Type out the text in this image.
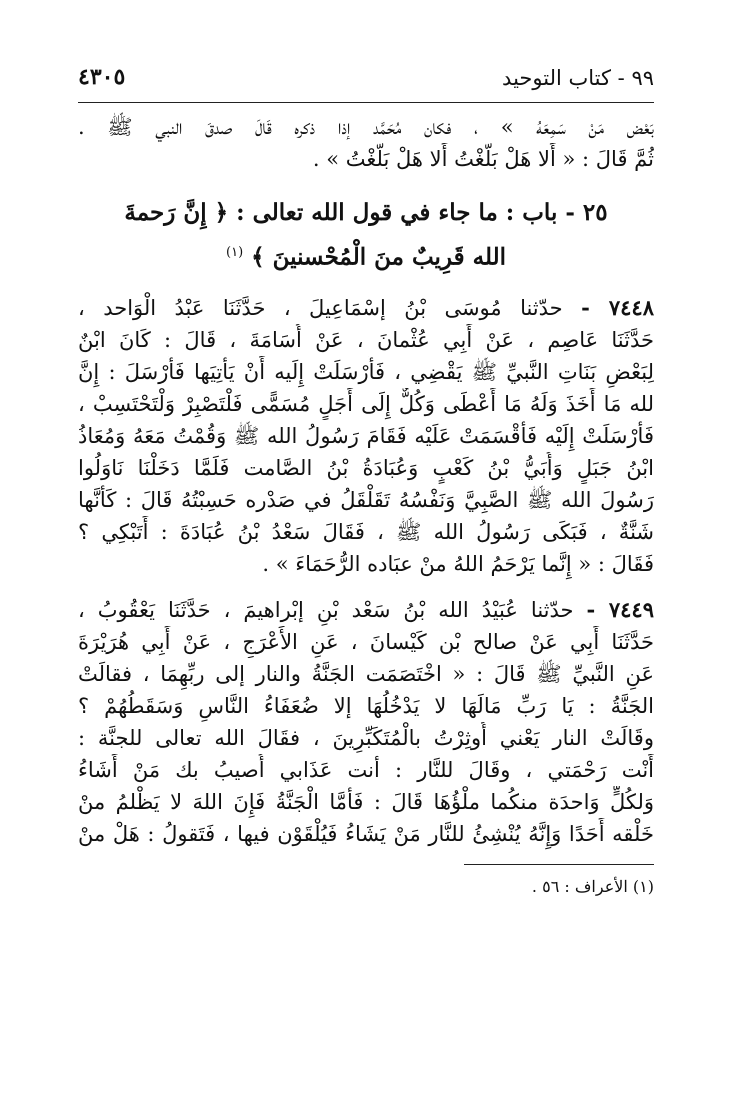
٩٩ - كتاب التوحيد
٤٣٠٥
بَعْض مَنْ سَمِعَهُ » ، فكان مُحَمَّد إذا ذكره قَالَ صدقَ النبي ﷺ .
ثُمَّ قَالَ : « أَلا هَلْ بَلَّغْتُ أَلا هَلْ بَلَّغْتُ » .
٢٥ - باب : ما جاء في قول الله تعالى : ﴿ إِنَّ رَحمةَ
الله قَرِيبٌ منَ الْمُحْسنينَ ﴾ $^{(١)}$
٧٤٤٨ - حدّثنا مُوسَى بْنُ إسْمَاعِيلَ ، حَدَّثَنَا عَبْدُ الْوَاحد ،
حَدَّثَنَا عَاصِم ، عَنْ أَبِي عُثْمانَ ، عَنْ أُسَامَةَ ، قَالَ : كَانَ ابْنٌ
لِبَعْضِ بَنَاتِ النَّبيِّ ﷺ يَقْضِي ، فَأَرْسَلَتْ إِلَيه أَنْ يَأْتِيَها فَأَرْسَلَ : إِنَّ
لله مَا أَخَذَ وَلَهُ مَا أَعْطَى وَكُلٌّ إِلَى أَجَلٍ مُسَمًّى فَلْتَصْبِرْ وَلْتَحْتَسِبْ ،
فَأَرْسَلَتْ إِلَيْه فَأَقْسَمَتْ عَلَيْه فَقَامَ رَسُولُ الله ﷺ وَقُمْتُ مَعَهُ وَمُعَاذُ
ابْنُ جَبَلٍ وَأُبَيُّ بْنُ كَعْبٍ وَعُبَادَةُ بْنُ الصَّامت فَلَمَّا دَخَلْنَا نَاوَلُوا
رَسُولَ الله ﷺ الصَّبِيَّ وَنَفْسُهُ تَقَلْقَلُ في صَدْره حَسِبْتُهُ قَالَ : كَأَنَّها
شَنَّةٌ ، فَبَكَى رَسُولُ الله ﷺ ، فَقَالَ سَعْدُ بْنُ عُبَادَةَ : أَتَبْكِي ؟
فَقَالَ : « إِنَّما يَرْحَمُ اللهُ منْ عبَاده الرُّحَمَاءَ » .
٧٤٤٩ - حدّثنا عُبَيْدُ الله بْنُ سَعْد بْنِ إبْراهيمَ ، حَدَّثَنَا يَعْقُوبُ ،
حَدَّثَنَا أَبِي عَنْ صالح بْن كَيْسانَ ، عَنِ الأَعْرَجِ ، عَنْ أَبِي هُرَيْرَةَ
عَنِ النَّبيِّ ﷺ قَالَ : « اخْتَصَمَت الجَنَّةُ والنار إلى ربِّهِمَا ، فقالَتْ
الجَنَّةُ : يَا رَبِّ مَالَهَا لا يَدْخُلُهَا إلا ضُعَفَاءُ النَّاسِ وَسَقَطُهُمْ ؟
وقَالَتْ النار يَعْني أُوثِرْتُ بالْمُتَكَبِّرِينَ ، فقَالَ الله تعالى للجنَّة :
أَنْت رَحْمَتي ، وقَالَ للنَّار : أنت عَذَابي أُصيبُ بك مَنْ أَشَاءُ
وَلكُلٍّ وَاحدَة منكُما ملْؤُهَا قَالَ : فَأَمَّا الْجَنَّةُ فَإِنَ اللهَ لا يَظْلمُ منْ
خَلْقه أَحَدًا وَإِنَّهُ يُنْشِئُ للنَّار مَنْ يَشَاءُ فَيُلْقَوْن فيها ، فَتَقولُ : هَلْ منْ
(١) الأعراف : ٥٦ .
